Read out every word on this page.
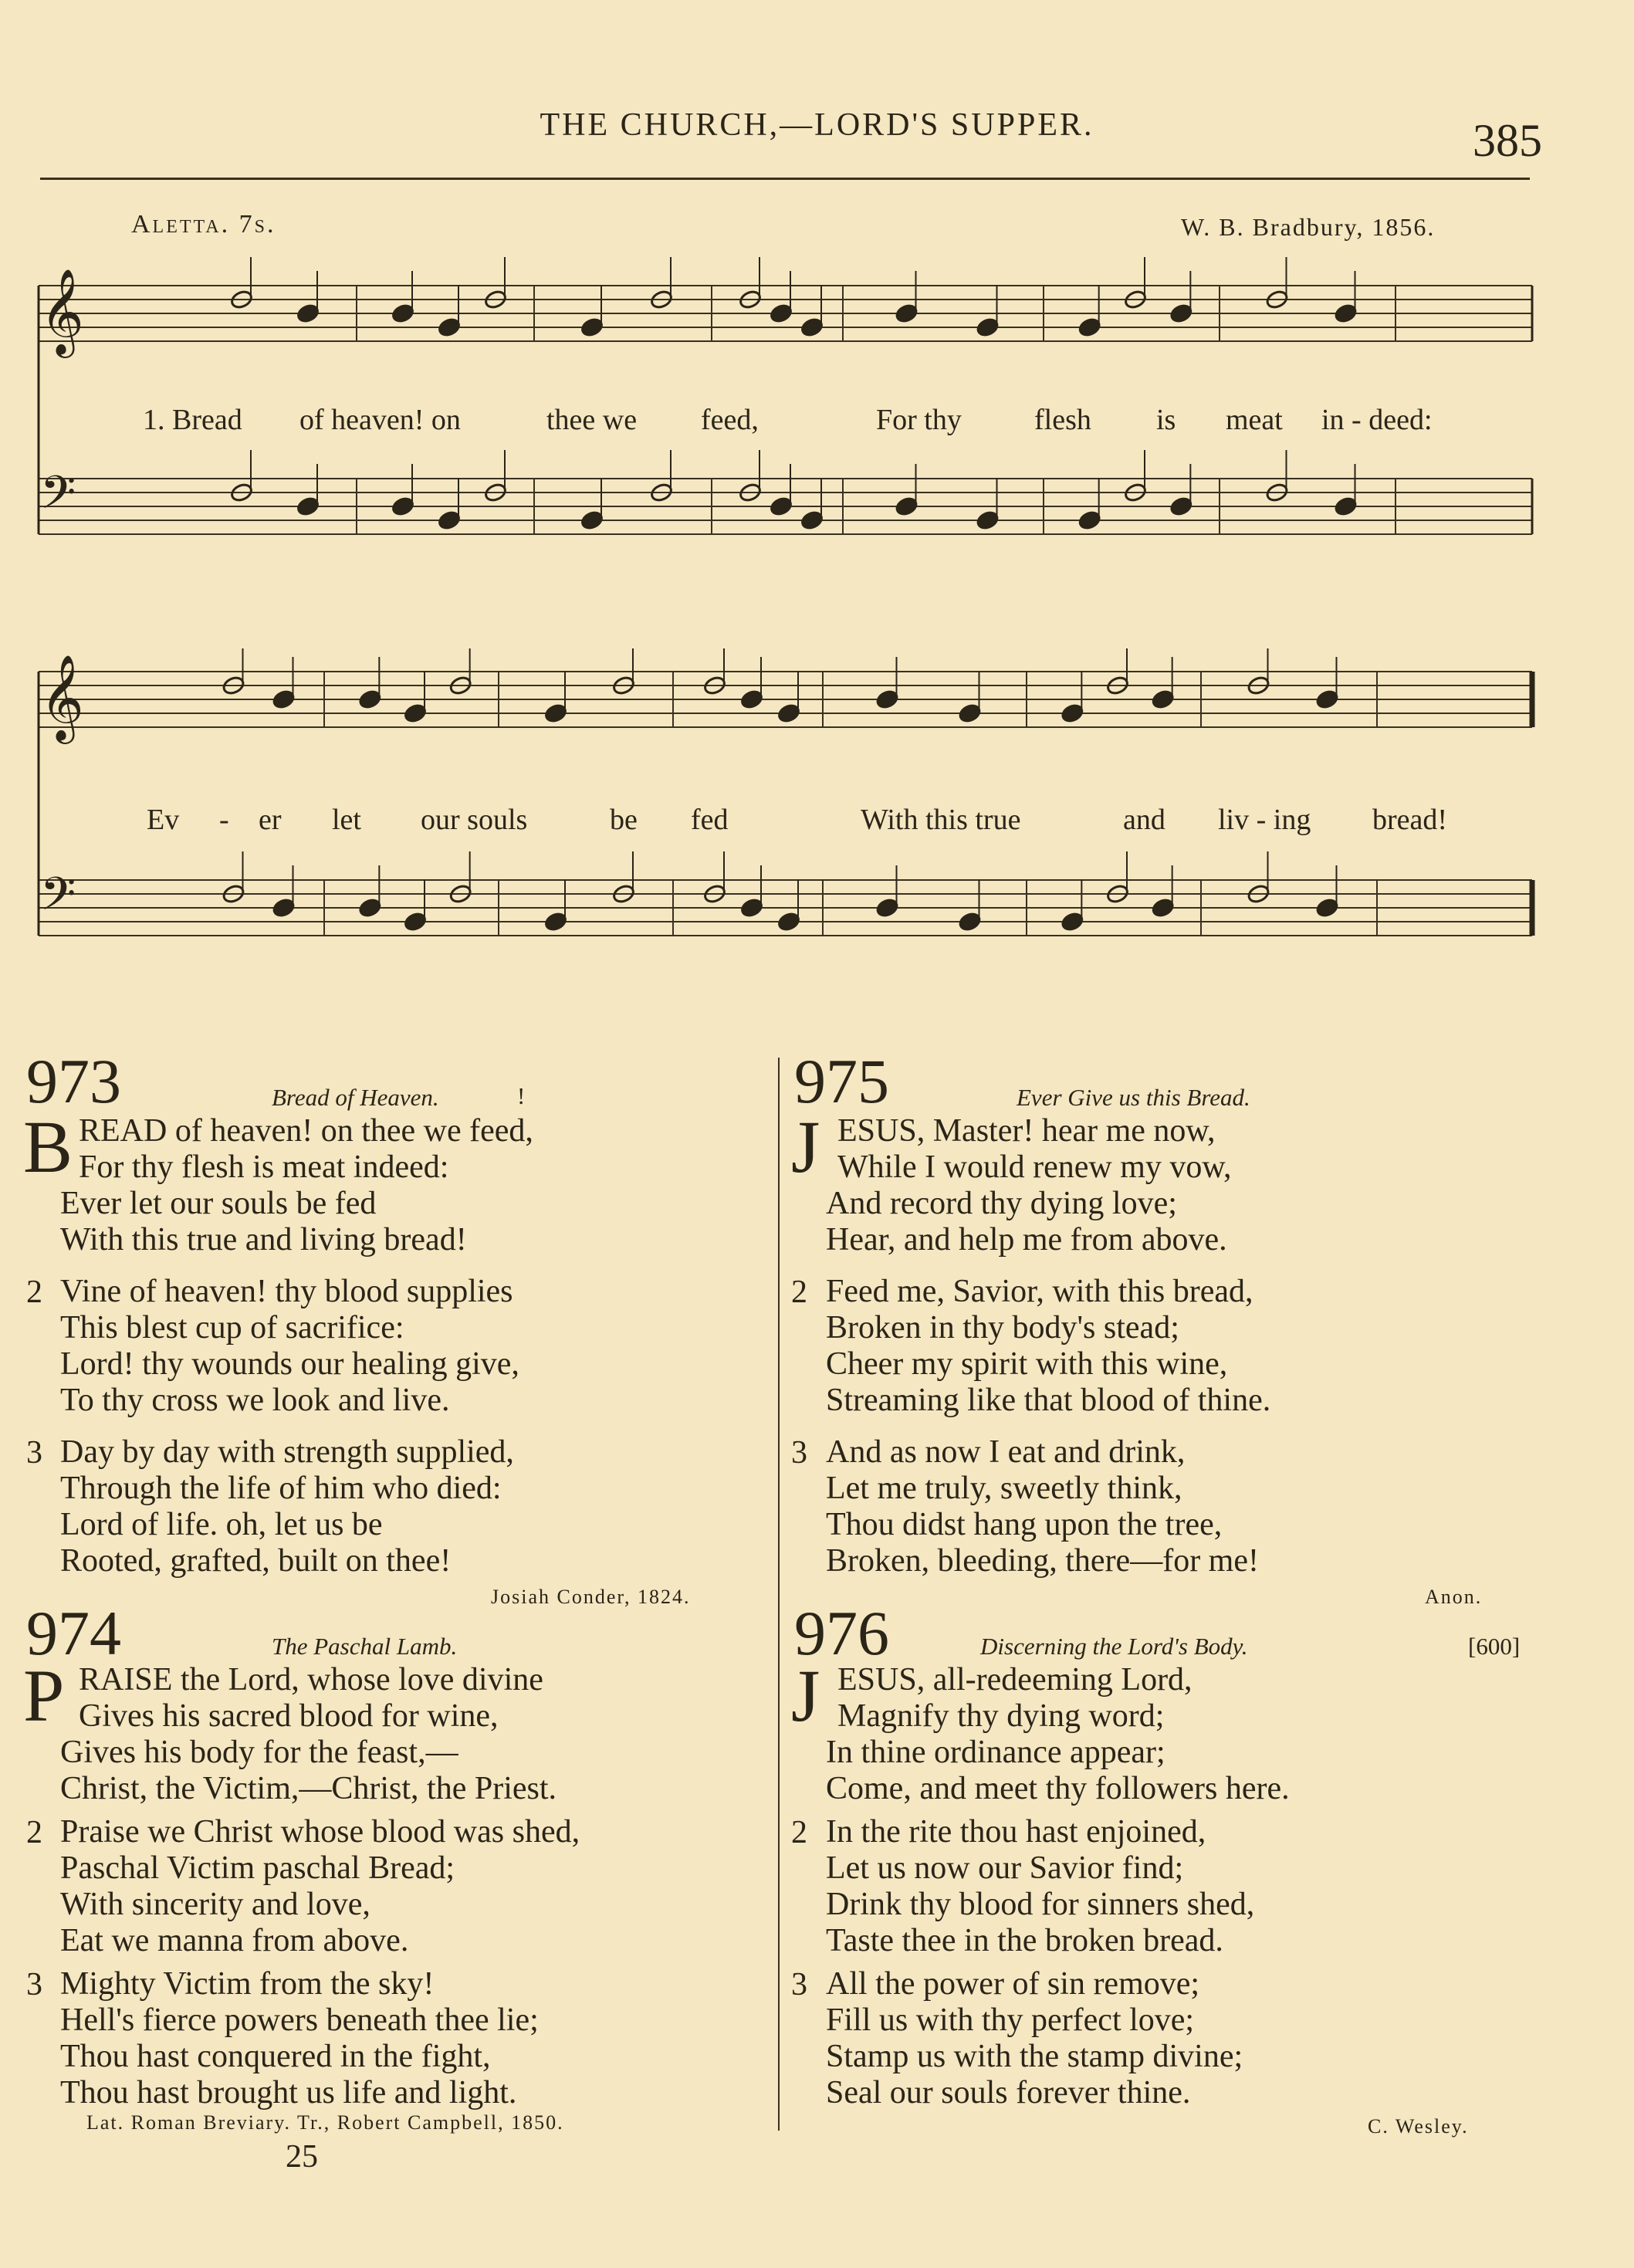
THE CHURCH,—LORD'S SUPPER.	385
Aletta. 7s.	W. B. Bradbury, 1856.
𝄞
𝄢
1. Bread of heaven! on	thee we feed,	For thy flesh is meat in - deed:
𝄞
𝄢
Ev - er let our souls	be fed	With this true	and liv - ing bread!
973	Bread of Heaven.	!
B READ of heaven! on thee we feed,
For thy flesh is meat indeed:
Ever let our souls be fed
With this true and living bread!
2 Vine of heaven! thy blood supplies
This blest cup of sacrifice:
Lord! thy wounds our healing give,
To thy cross we look and live.
3 Day by day with strength supplied,
Through the life of him who died:
Lord of life. oh, let us be
Rooted, grafted, built on thee!
Josiah Conder, 1824.
974	The Paschal Lamb.
P RAISE the Lord, whose love divine
Gives his sacred blood for wine,
Gives his body for the feast,—
Christ, the Victim,—Christ, the Priest.
2 Praise we Christ whose blood was shed,
Paschal Victim paschal Bread;
With sincerity and love,
Eat we manna from above.
3 Mighty Victim from the sky!
Hell's fierce powers beneath thee lie;
Thou hast conquered in the fight,
Thou hast brought us life and light.
Lat. Roman Breviary. Tr., Robert Campbell, 1850.
25
975	Ever Give us this Bread.
J ESUS, Master! hear me now,
While I would renew my vow,
And record thy dying love;
Hear, and help me from above.
2 Feed me, Savior, with this bread,
Broken in thy body's stead;
Cheer my spirit with this wine,
Streaming like that blood of thine.
3 And as now I eat and drink,
Let me truly, sweetly think,
Thou didst hang upon the tree,
Broken, bleeding, there—for me!
Anon.
976	Discerning the Lord's Body.	[600]
J ESUS, all-redeeming Lord,
Magnify thy dying word;
In thine ordinance appear;
Come, and meet thy followers here.
2 In the rite thou hast enjoined,
Let us now our Savior find;
Drink thy blood for sinners shed,
Taste thee in the broken bread.
3 All the power of sin remove;
Fill us with thy perfect love;
Stamp us with the stamp divine;
Seal our souls forever thine.
C. Wesley.
